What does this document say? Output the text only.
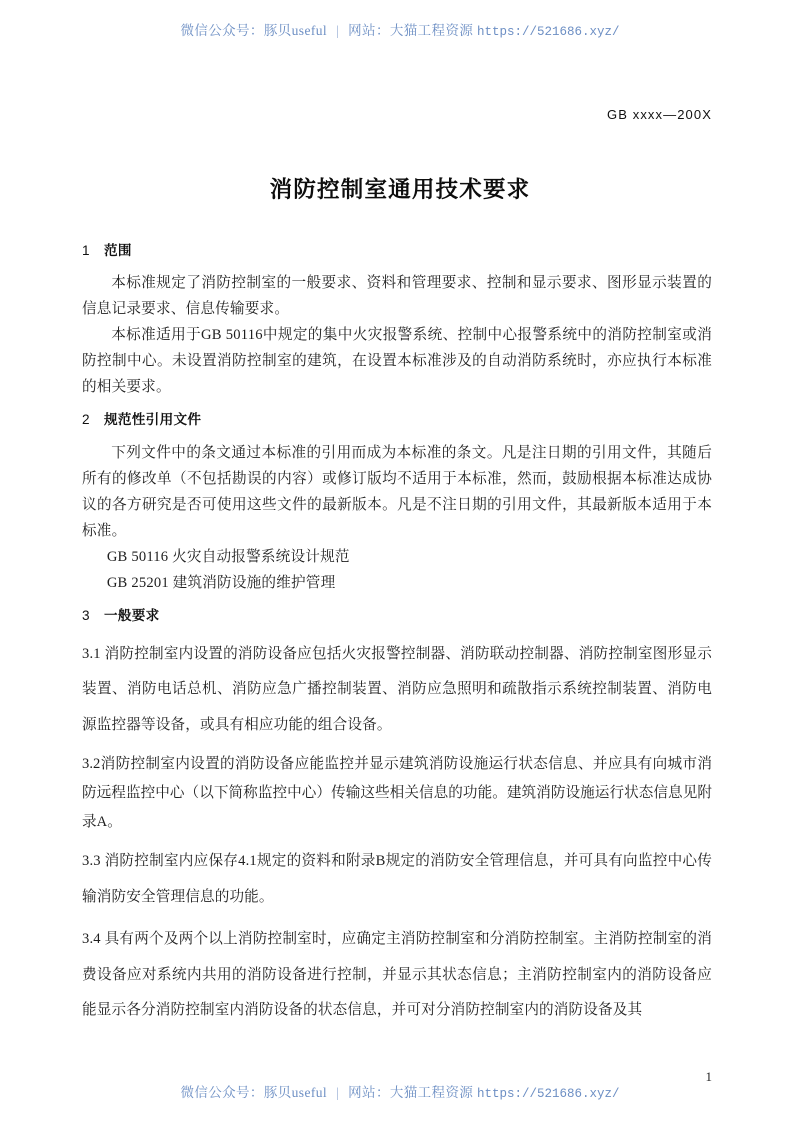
微信公众号：豚贝useful | 网站：大猫工程资源 https://521686.xyz/
GB xxxx—200X
消防控制室通用技术要求
1 范围

本标准规定了消防控制室的一般要求、资料和管理要求、控制和显示要求、图形显示装置的信息记录要求、信息传输要求。

本标准适用于GB 50116中规定的集中火灾报警系统、控制中心报警系统中的消防控制室或消防控制中心。未设置消防控制室的建筑，在设置本标准涉及的自动消防系统时，亦应执行本标准的相关要求。

2 规范性引用文件

下列文件中的条文通过本标准的引用而成为本标准的条文。凡是注日期的引用文件，其随后所有的修改单（不包括勘误的内容）或修订版均不适用于本标准，然而，鼓励根据本标准达成协议的各方研究是否可使用这些文件的最新版本。凡是不注日期的引用文件，其最新版本适用于本标准。

GB 50116 火灾自动报警系统设计规范

GB 25201 建筑消防设施的维护管理

3 一般要求

3.1 消防控制室内设置的消防设备应包括火灾报警控制器、消防联动控制器、消防控制室图形显示装置、消防电话总机、消防应急广播控制装置、消防应急照明和疏散指示系统控制装置、消防电源监控器等设备，或具有相应功能的组合设备。

3.2消防控制室内设置的消防设备应能监控并显示建筑消防设施运行状态信息、并应具有向城市消防远程监控中心（以下简称监控中心）传输这些相关信息的功能。建筑消防设施运行状态信息见附录A。

3.3 消防控制室内应保存4.1规定的资料和附录B规定的消防安全管理信息，并可具有向监控中心传输消防安全管理信息的功能。

3.4 具有两个及两个以上消防控制室时，应确定主消防控制室和分消防控制室。主消防控制室的消费设备应对系统内共用的消防设备进行控制，并显示其状态信息；主消防控制室内的消防设备应能显示各分消防控制室内消防设备的状态信息，并可对分消防控制室内的消防设备及其

1
微信公众号：豚贝useful | 网站：大猫工程资源 https://521686.xyz/
